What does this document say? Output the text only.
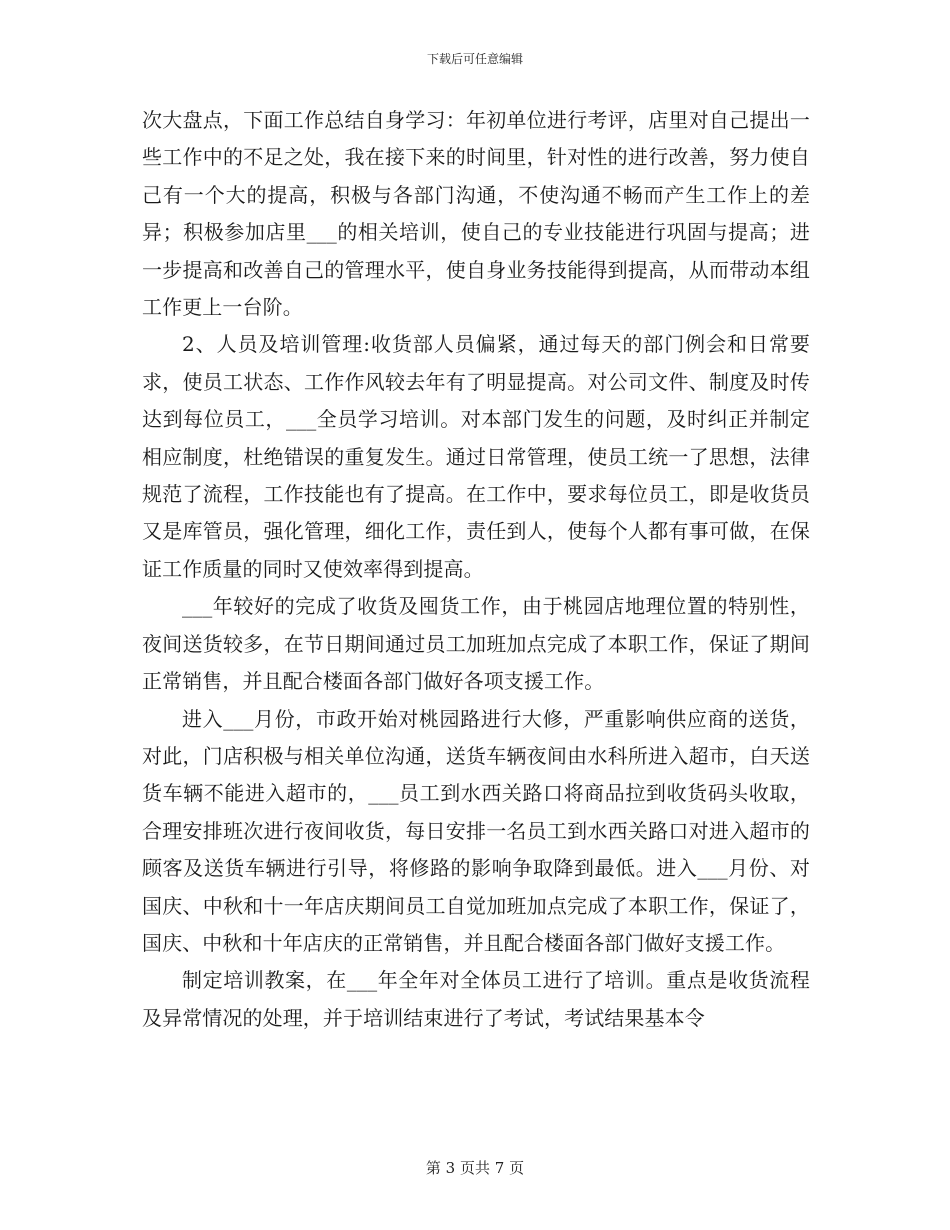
下载后可任意编辑

次大盘点，下面工作总结自身学习：年初单位进行考评，店里对自己提出一些工作中的不足之处，我在接下来的时间里，针对性的进行改善，努力使自己有一个大的提高，积极与各部门沟通，不使沟通不畅而产生工作上的差异；积极参加店里___的相关培训，使自己的专业技能进行巩固与提高；进一步提高和改善自己的管理水平，使自身业务技能得到提高，从而带动本组工作更上一台阶。

2、人员及培训管理:收货部人员偏紧，通过每天的部门例会和日常要求，使员工状态、工作作风较去年有了明显提高。对公司文件、制度及时传达到每位员工，___全员学习培训。对本部门发生的问题，及时纠正并制定相应制度，杜绝错误的重复发生。通过日常管理，使员工统一了思想，法律规范了流程，工作技能也有了提高。在工作中，要求每位员工，即是收货员又是库管员，强化管理，细化工作，责任到人，使每个人都有事可做，在保证工作质量的同时又使效率得到提高。

___年较好的完成了收货及囤货工作，由于桃园店地理位置的特别性，夜间送货较多，在节日期间通过员工加班加点完成了本职工作，保证了期间正常销售，并且配合楼面各部门做好各项支援工作。

进入___月份，市政开始对桃园路进行大修，严重影响供应商的送货，对此，门店积极与相关单位沟通，送货车辆夜间由水科所进入超市，白天送货车辆不能进入超市的，___员工到水西关路口将商品拉到收货码头收取，合理安排班次进行夜间收货，每日安排一名员工到水西关路口对进入超市的顾客及送货车辆进行引导，将修路的影响争取降到最低。进入___月份、对国庆、中秋和十一年店庆期间员工自觉加班加点完成了本职工作，保证了，国庆、中秋和十年店庆的正常销售，并且配合楼面各部门做好支援工作。

制定培训教案，在___年全年对全体员工进行了培训。重点是收货流程及异常情况的处理，并于培训结束进行了考试，考试结果基本令

第 3 页共 7 页
